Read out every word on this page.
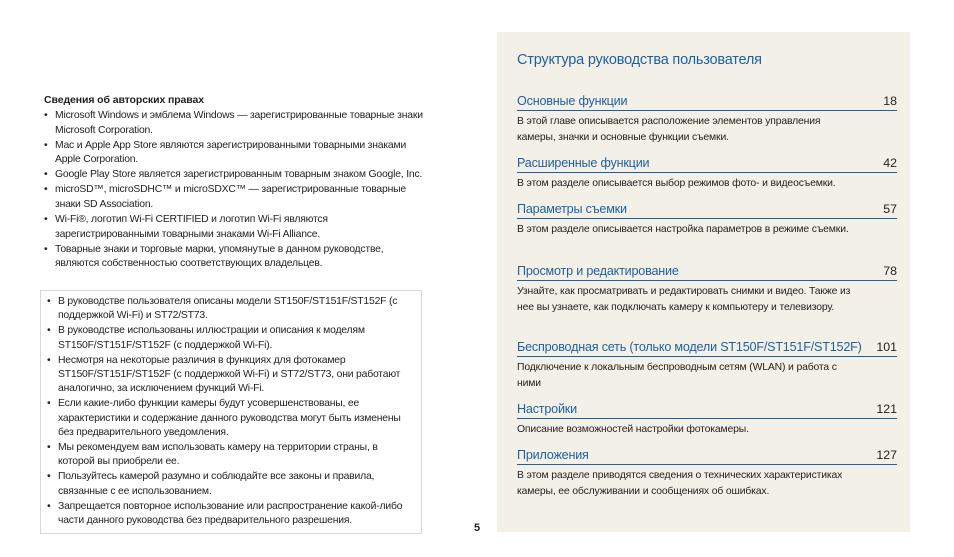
Сведения об авторских правах
• Microsoft Windows и эмблема Windows — зарегистрированные товарные знаки Microsoft Corporation.
• Mac и Apple App Store являются зарегистрированными товарными знаками Apple Corporation.
• Google Play Store является зарегистрированным товарным знаком Google, Inc.
• microSD™, microSDHC™ и microSDXC™ — зарегистрированные товарные знаки SD Association.
• Wi-Fi®, логотип Wi-Fi CERTIFIED и логотип Wi-Fi являются зарегистрированными товарными знаками Wi-Fi Alliance.
• Товарные знаки и торговые марки, упомянутые в данном руководстве, являются собственностью соответствующих владельцев.
• В руководстве пользователя описаны модели ST150F/ST151F/ST152F (с поддержкой Wi-Fi) и ST72/ST73.
• В руководстве использованы иллюстрации и описания к моделям ST150F/ST151F/ST152F (с поддержкой Wi-Fi).
• Несмотря на некоторые различия в функциях для фотокамер ST150F/ST151F/ST152F (с поддержкой Wi-Fi) и ST72/ST73, они работают аналогично, за исключением функций Wi-Fi.
• Если какие-либо функции камеры будут усовершенствованы, ее характеристики и содержание данного руководства могут быть изменены без предварительного уведомления.
• Мы рекомендуем вам использовать камеру на территории страны, в которой вы приобрели ее.
• Пользуйтесь камерой разумно и соблюдайте все законы и правила, связанные с ее использованием.
• Запрещается повторное использование или распространение какой-либо части данного руководства без предварительного разрешения.
5
Структура руководства пользователя
Основные функции	18
В этой главе описывается расположение элементов управления камеры, значки и основные функции съемки.
Расширенные функции	42
В этом разделе описывается выбор режимов фото- и видеосъемки.
Параметры съемки	57
В этом разделе описывается настройка параметров в режиме съемки.
Просмотр и редактирование	78
Узнайте, как просматривать и редактировать снимки и видео. Также из нее вы узнаете, как подключать камеру к компьютеру и телевизору.
Беспроводная сеть (только модели ST150F/ST151F/ST152F) 101
Подключение к локальным беспроводным сетям (WLAN) и работа с ними
Настройки	121
Описание возможностей настройки фотокамеры.
Приложения	127
В этом разделе приводятся сведения о технических характеристиках камеры, ее обслуживании и сообщениях об ошибках.
